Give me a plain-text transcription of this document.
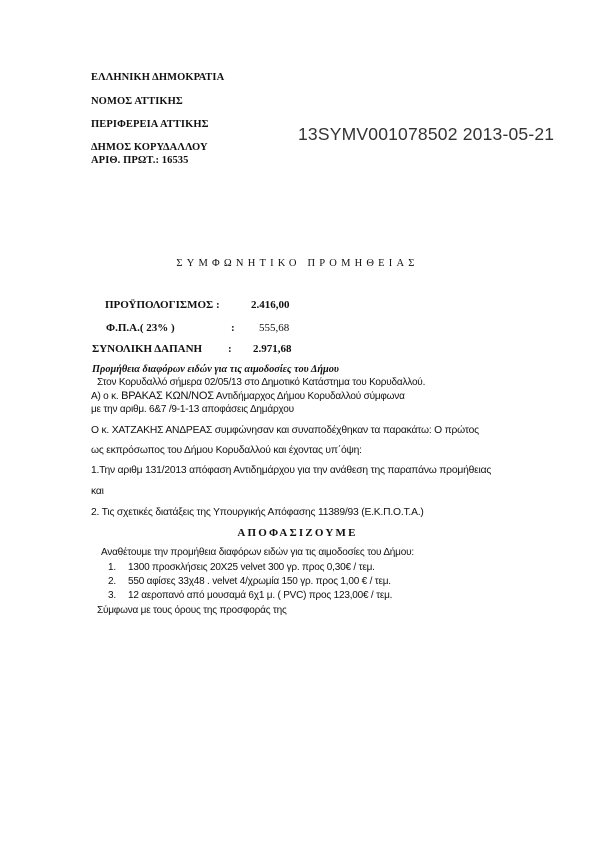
ΕΛΛΗΝΙΚΗ ΔΗΜΟΚΡΑΤΙΑ
ΝΟΜΟΣ ΑΤΤΙΚΗΣ
ΠΕΡΙΦΕΡΕΙΑ ΑΤΤΙΚΗΣ
ΔΗΜΟΣ ΚΟΡΥΔΑΛΛΟΥ
ΑΡΙΘ. ΠΡΩΤ.: 16535
13SYMV001078502 2013-05-21
ΣΥΜΦΩΝΗΤΙΚΟ ΠΡΟΜΗΘΕΙΑΣ
ΠΡΟΫΠΟΛΟΓΙΣΜΟΣ :	2.416,00
Φ.Π.Α.( 23% )	: 555,68
ΣΥΝΟΛΙΚΗ ΔΑΠΑΝΗ : 2.971,68
Προμήθεια διαφόρων ειδών για τις αιμοδοσίες του Δήμου
Στον Κορυδαλλό σήμερα 02/05/13 στο Δημοτικό Κατάστημα του Κορυδαλλού.
Α) ο κ. ΒΡΑΚΑΣ ΚΩΝ/ΝΟΣ Αντιδήμαρχος Δήμου Κορυδαλλού σύμφωνα
με την αριθμ. 6&7 /9-1-13 αποφάσεις Δημάρχου
Ο κ. ΧΑΤΖΑΚΗΣ ΑΝΔΡΕΑΣ συμφώνησαν και συναποδέχθηκαν τα παρακάτω: Ο πρώτος
ως εκπρόσωπος του Δήμου Κορυδαλλού και έχοντας υπ΄όψη:
1.Την αριθμ 131/2013 απόφαση Αντιδημάρχου για την ανάθεση της παραπάνω προμήθειας
και
2. Τις σχετικές διατάξεις της Υπουργικής Απόφασης 11389/93 (Ε.Κ.Π.Ο.Τ.Α.)
ΑΠΟΦΑΣΙΖΟΥΜΕ
Αναθέτουμε την προμήθεια διαφόρων ειδών για τις αιμοδοσίες του Δήμου:
1. 1300 προσκλήσεις 20Χ25 velvet 300 γρ. προς 0,30€ / τεμ.
2. 550 αφίσες 33χ48 . velvet 4/χρωμία 150 γρ. προς 1,00 € / τεμ.
3. 12 αεροπανό από μουσαμά 6χ1 μ. ( PVC) προς 123,00€ / τεμ.
Σύμφωνα με τους όρους της προσφοράς της
